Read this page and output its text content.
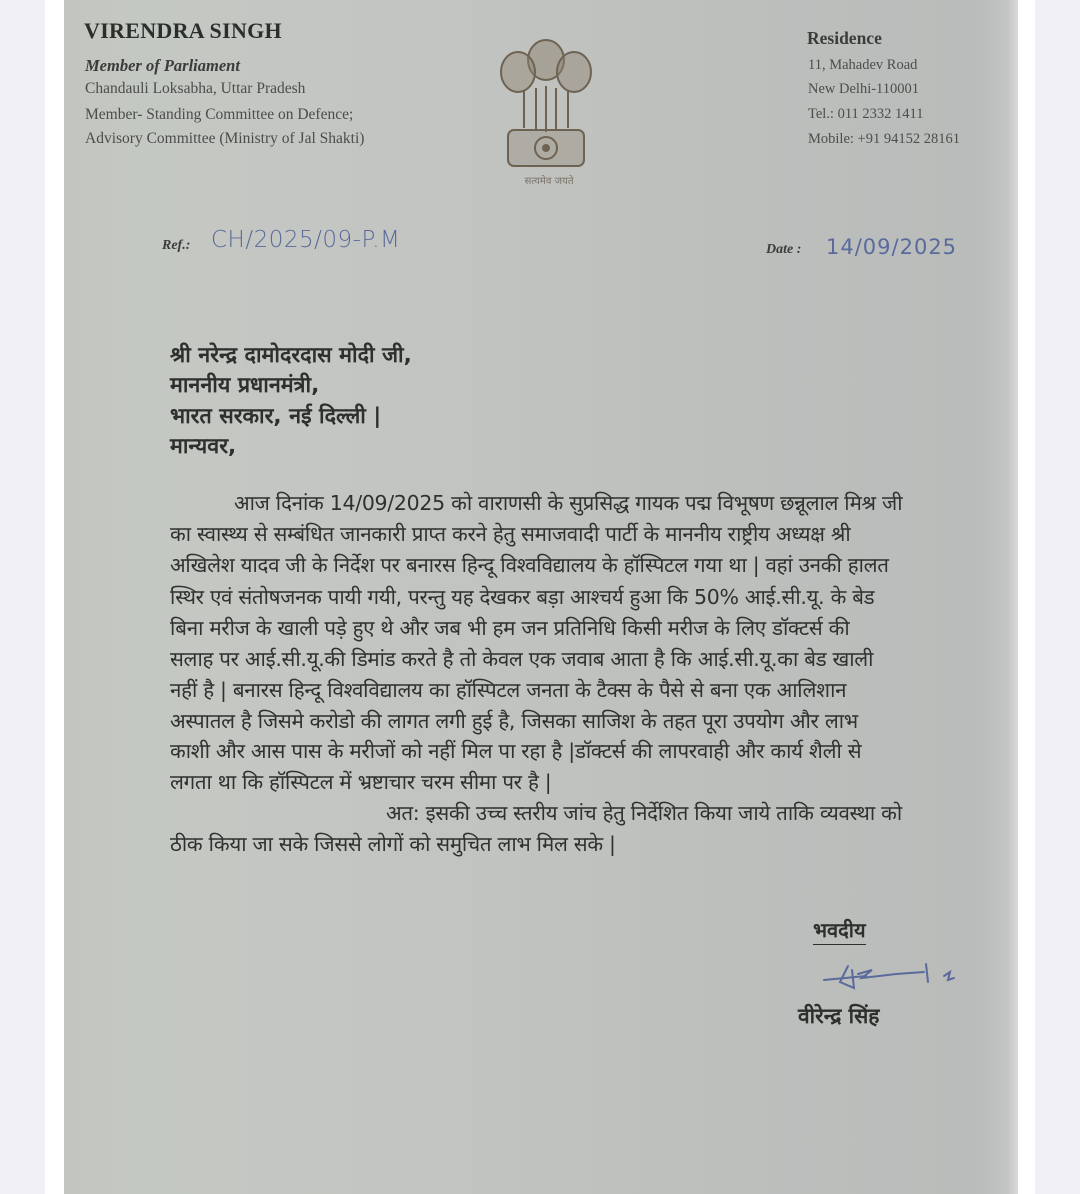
VIRENDRA SINGH
Member of Parliament
Chandauli Loksabha, Uttar Pradesh
Member- Standing Committee on Defence;
Advisory Committee (Ministry of Jal Shakti)
सत्यमेव जयते
Residence
11, Mahadev Road
New Delhi-110001
Tel.: 011 2332 1411
Mobile: +91 94152 28161
Ref.: CH/2025/09-P.M	Date : 14/09/2025
श्री नरेन्द्र दामोदरदास मोदी जी,
माननीय प्रधानमंत्री,
भारत सरकार, नई दिल्ली |
मान्यवर,
आज दिनांक 14/09/2025 को वाराणसी के सुप्रसिद्ध गायक पद्म विभूषण छन्नूलाल मिश्र जी
का स्वास्थ्य से सम्बंधित जानकारी प्राप्त करने हेतु समाजवादी पार्टी के माननीय राष्ट्रीय अध्यक्ष श्री
अखिलेश यादव जी के निर्देश पर बनारस हिन्दू विश्वविद्यालय के हॉस्पिटल गया था | वहां उनकी हालत
स्थिर एवं संतोषजनक पायी गयी, परन्तु यह देखकर बड़ा आश्चर्य हुआ कि 50% आई.सी.यू. के बेड
बिना मरीज के खाली पड़े हुए थे और जब भी हम जन प्रतिनिधि किसी मरीज के लिए डॉक्टर्स की
सलाह पर आई.सी.यू.की डिमांड करते है तो केवल एक जवाब आता है कि आई.सी.यू.का बेड खाली
नहीं है | बनारस हिन्दू विश्वविद्यालय का हॉस्पिटल जनता के टैक्स के पैसे से बना एक आलिशान
अस्पातल है जिसमे करोडो की लागत लगी हुई है, जिसका साजिश के तहत पूरा उपयोग और लाभ
काशी और आस पास के मरीजों को नहीं मिल पा रहा है |डॉक्टर्स की लापरवाही और कार्य शैली से
लगता था कि हॉस्पिटल में भ्रष्टाचार चरम सीमा पर है |
अत: इसकी उच्च स्तरीय जांच हेतु निर्देशित किया जाये ताकि व्यवस्था को
ठीक किया जा सके जिससे लोगों को समुचित लाभ मिल सके |
भवदीय
वीरेन्द्र सिंह
